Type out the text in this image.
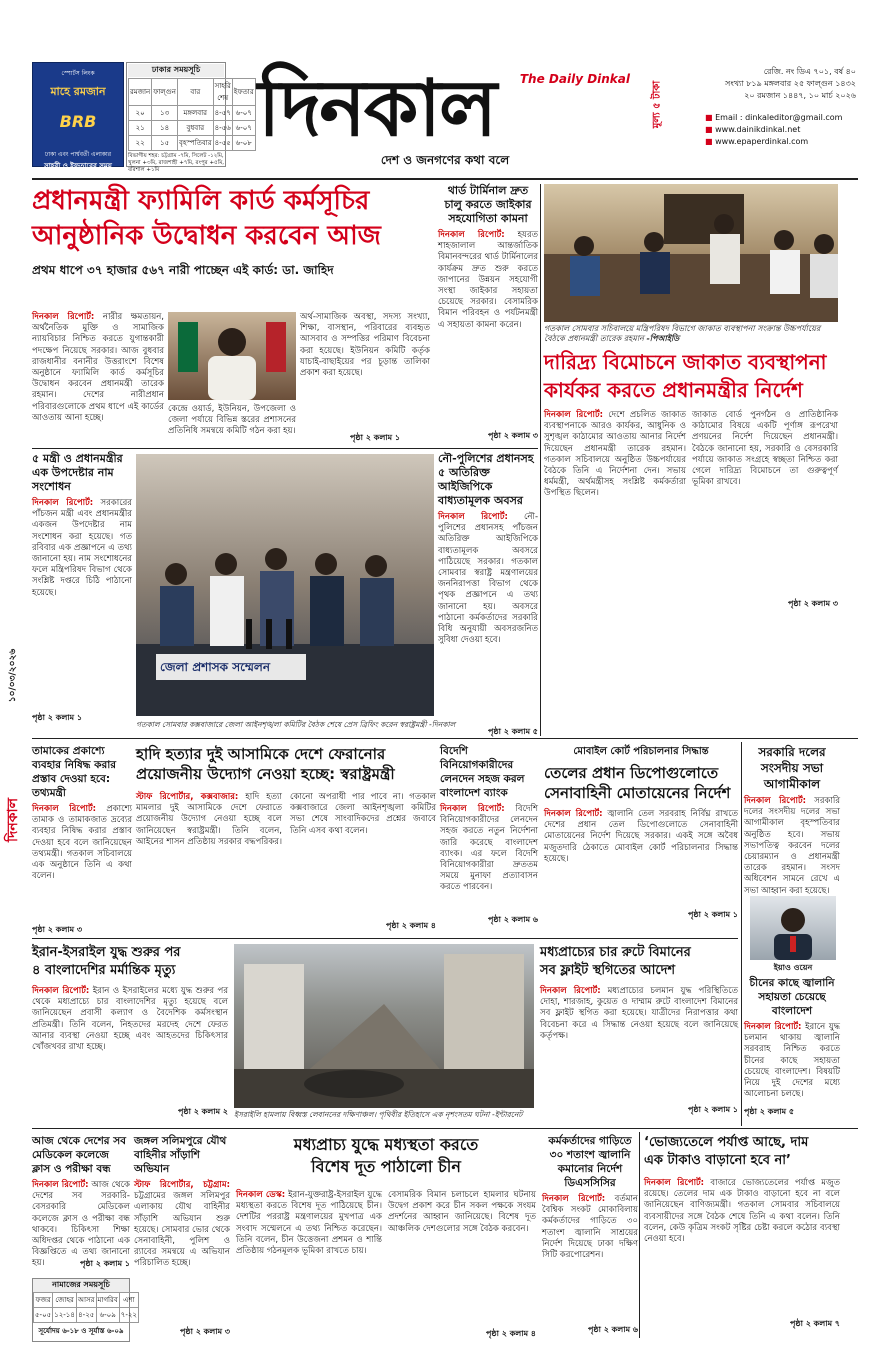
১০/০৩/২০২৬
দিনকাল
স্পোর্টস লিংক
মাহে রমজান
BRB
ঢাকা এবং পার্শ্ববর্তী এলাকার
সাহরী ও ইফতারের সময়
ঢাকার সময়সূচি
রমজান	ফাল্গুন	বার	সাহরি শেষ	ইফতার
২০	১৩	মঙ্গলবার	৪-৫৭	৬-০৭
২১	১৪	বুধবার	৪-৫৬	৬-০৭
২২	১৫	বৃহস্পতিবার	৪-৫৫	৬-০৮
বিভাগীয় শহর: চট্টগ্রাম -৭মি, সিলেট -১২মি, খুলনা +৩মি, রাজশাহী +৭মি, রংপুর +৫মি, বরিশাল +১মি
The Daily Dinkal
দিনকাল
দেশ ও জনগণের কথা বলে
মূল্য ৫ টাকা
রেজি. নং ডিএ ৭০১, বর্ষ ৪০
সংখ্যা ৮১৯ মঙ্গলবার ২৫ ফাল্গুন ১৪৩২
২০ রমজান ১৪৪৭, ১০ মার্চ ২০২৬
■ Email : dinkaleditor@gmail.com
■ www.dainikdinkal.net
■ www.epaperdinkal.com
প্রধানমন্ত্রী ফ্যামিলি কার্ড কর্মসূচির
আনুষ্ঠানিক উদ্বোধন করবেন আজ
প্রথম ধাপে ৩৭ হাজার ৫৬৭ নারী পাচ্ছেন এই কার্ড: ডা. জাহিদ
দিনকাল রিপোর্ট: নারীর ক্ষমতায়ন, অর্থনৈতিক মুক্তি ও সামাজিক ন্যায়বিচার নিশ্চিত করতে যুগান্তকারী পদক্ষেপ নিয়েছে সরকার। আজ বুধবার রাজধানীর বনানীর উত্তরাংশে বিশেষ অনুষ্ঠানে ফ্যামিলি কার্ড কর্মসূচির উদ্বোধন করবেন প্রধানমন্ত্রী তারেক রহমান। দেশের নারীপ্রধান পরিবারগুলোকে প্রথম ধাপে এই কার্ডের আওতায় আনা হচ্ছে।
কেন্দ্রে ওয়ার্ড, ইউনিয়ন, উপজেলা ও জেলা পর্যায়ে বিভিন্ন স্তরের প্রশাসনের প্রতিনিধি সমন্বয়ে কমিটি গঠন করা হয়।
অর্থ-সামাজিক অবস্থা, সদস্য সংখ্যা, শিক্ষা, বাসস্থান, পরিবারের ব্যবহৃত আসবাব ও সম্পত্তির পরিমাণ বিবেচনা করা হয়েছে। ইউনিয়ন কমিটি কর্তৃক যাচাই-বাছাইয়ের পর চূড়ান্ত তালিকা প্রকাশ করা হয়েছে।
পৃষ্ঠা ২ কলাম ১
থার্ড টার্মিনাল দ্রুত চালু করতে জাইকার সহযোগিতা কামনা
দিনকাল রিপোর্ট: হযরত শাহজালাল আন্তর্জাতিক বিমানবন্দরের থার্ড টার্মিনালের কার্যক্রম দ্রুত শুরু করতে জাপানের উন্নয়ন সহযোগী সংস্থা জাইকার সহায়তা চেয়েছে সরকার। বেসামরিক বিমান পরিবহন ও পর্যটনমন্ত্রী এ সহায়তা কামনা করেন।
পৃষ্ঠা ২ কলাম ৩
গতকাল সোমবার সচিবালয়ে মন্ত্রিপরিষদ বিভাগে জাকাত ব্যবস্থাপনা সংক্রান্ত উচ্চপর্যায়ের বৈঠকে প্রধানমন্ত্রী তারেক রহমান -পিআইডি
দারিদ্র্য বিমোচনে জাকাত ব্যবস্থাপনা
কার্যকর করতে প্রধানমন্ত্রীর নির্দেশ
দিনকাল রিপোর্ট: দেশে প্রচলিত জাকাত ব্যবস্থাপনাকে আরও কার্যকর, আধুনিক ও সুশৃঙ্খল কাঠামোর আওতায় আনার নির্দেশ দিয়েছেন প্রধানমন্ত্রী তারেক রহমান। গতকাল সচিবালয়ে অনুষ্ঠিত উচ্চপর্যায়ের বৈঠকে তিনি এ নির্দেশনা দেন। সভায় ধর্মমন্ত্রী, অর্থমন্ত্রীসহ সংশ্লিষ্ট কর্মকর্তারা উপস্থিত ছিলেন।
জাকাত বোর্ড পুনর্গঠন ও প্রাতিষ্ঠানিক কাঠামোর বিষয়ে একটি পূর্ণাঙ্গ রূপরেখা প্রণয়নের নির্দেশ দিয়েছেন প্রধানমন্ত্রী। বৈঠকে জানানো হয়, সরকারি ও বেসরকারি পর্যায়ে জাকাত সংগ্রহে স্বচ্ছতা নিশ্চিত করা গেলে দারিদ্র্য বিমোচনে তা গুরুত্বপূর্ণ ভূমিকা রাখবে।
পৃষ্ঠা ২ কলাম ৩
৫ মন্ত্রী ও প্রধানমন্ত্রীর এক উপদেষ্টার নাম সংশোধন
দিনকাল রিপোর্ট: সরকারের পাঁচজন মন্ত্রী এবং প্রধানমন্ত্রীর একজন উপদেষ্টার নাম সংশোধন করা হয়েছে। গত রবিবার এক প্রজ্ঞাপনে এ তথ্য জানানো হয়। নাম সংশোধনের ফলে মন্ত্রিপরিষদ বিভাগ থেকে সংশ্লিষ্ট দপ্তরে চিঠি পাঠানো হয়েছে।
পৃষ্ঠা ২ কলাম ১
জেলা প্রশাসক সম্মেলন
গতকাল সোমবার কক্সবাজারে জেলা আইনশৃঙ্খলা কমিটির বৈঠক শেষে প্রেস ব্রিফিং করেন স্বরাষ্ট্রমন্ত্রী -দিনকাল
নৌ-পুলিশের প্রধানসহ ৫ অতিরিক্ত আইজিপিকে বাধ্যতামূলক অবসর
দিনকাল রিপোর্ট: নৌ-পুলিশের প্রধানসহ পাঁচজন অতিরিক্ত আইজিপিকে বাধ্যতামূলক অবসরে পাঠিয়েছে সরকার। গতকাল সোমবার স্বরাষ্ট্র মন্ত্রণালয়ের জননিরাপত্তা বিভাগ থেকে পৃথক প্রজ্ঞাপনে এ তথ্য জানানো হয়। অবসরে পাঠানো কর্মকর্তাদের সরকারি বিধি অনুযায়ী অবসরজনিত সুবিধা দেওয়া হবে।
পৃষ্ঠা ২ কলাম ৫
তামাকের প্রকাশ্যে ব্যবহার নিষিদ্ধ করার প্রস্তাব দেওয়া হবে: তথ্যমন্ত্রী
দিনকাল রিপোর্ট: প্রকাশ্যে তামাক ও তামাকজাত দ্রব্যের ব্যবহার নিষিদ্ধ করার প্রস্তাব দেওয়া হবে বলে জানিয়েছেন তথ্যমন্ত্রী। গতকাল সচিবালয়ে এক অনুষ্ঠানে তিনি এ কথা বলেন।
পৃষ্ঠা ২ কলাম ৩
হাদি হত্যার দুই আসামিকে দেশে ফেরানোর
প্রয়োজনীয় উদ্যোগ নেওয়া হচ্ছে: স্বরাষ্ট্রমন্ত্রী
স্টাফ রিপোর্টার, কক্সবাজার: হাদি হত্যা মামলার দুই আসামিকে দেশে ফেরাতে প্রয়োজনীয় উদ্যোগ নেওয়া হচ্ছে বলে জানিয়েছেন স্বরাষ্ট্রমন্ত্রী। তিনি বলেন, আইনের শাসন প্রতিষ্ঠায় সরকার বদ্ধপরিকর। কোনো অপরাধী পার পাবে না। গতকাল কক্সবাজারে জেলা আইনশৃঙ্খলা কমিটির সভা শেষে সাংবাদিকদের প্রশ্নের জবাবে তিনি এসব কথা বলেন।
পৃষ্ঠা ২ কলাম ৪
বিদেশি বিনিয়োগকারীদের লেনদেন সহজ করল বাংলাদেশ ব্যাংক
দিনকাল রিপোর্ট: বিদেশি বিনিয়োগকারীদের লেনদেন সহজ করতে নতুন নির্দেশনা জারি করেছে বাংলাদেশ ব্যাংক। এর ফলে বিদেশি বিনিয়োগকারীরা দ্রুততম সময়ে মুনাফা প্রত্যাবাসন করতে পারবেন।
পৃষ্ঠা ২ কলাম ৬
মোবাইল কোর্ট পরিচালনার সিদ্ধান্ত
তেলের প্রধান ডিপোগুলোতে
সেনাবাহিনী মোতায়েনের নির্দেশ
দিনকাল রিপোর্ট: জ্বালানি তেল সরবরাহ নির্বিঘ্ন রাখতে দেশের প্রধান তেল ডিপোগুলোতে সেনাবাহিনী মোতায়েনের নির্দেশ দিয়েছে সরকার। একই সঙ্গে অবৈধ মজুতদারি ঠেকাতে মোবাইল কোর্ট পরিচালনার সিদ্ধান্ত হয়েছে।
পৃষ্ঠা ২ কলাম ১
সরকারি দলের সংসদীয় সভা আগামীকাল
দিনকাল রিপোর্ট: সরকারি দলের সংসদীয় দলের সভা আগামীকাল বৃহস্পতিবার অনুষ্ঠিত হবে। সভায় সভাপতিত্ব করবেন দলের চেয়ারম্যান ও প্রধানমন্ত্রী তারেক রহমান। সংসদ অধিবেশন সামনে রেখে এ সভা আহ্বান করা হয়েছে।
ইরান-ইসরাইল যুদ্ধ শুরুর পর
৪ বাংলাদেশির মর্মান্তিক মৃত্যু
দিনকাল রিপোর্ট: ইরান ও ইসরাইলের মধ্যে যুদ্ধ শুরুর পর থেকে মধ্যপ্রাচ্যে চার বাংলাদেশির মৃত্যু হয়েছে বলে জানিয়েছেন প্রবাসী কল্যাণ ও বৈদেশিক কর্মসংস্থান প্রতিমন্ত্রী। তিনি বলেন, নিহতদের মরদেহ দেশে ফেরত আনার ব্যবস্থা নেওয়া হচ্ছে এবং আহতদের চিকিৎসার খোঁজখবর রাখা হচ্ছে।
পৃষ্ঠা ২ কলাম ২ ইসরাইলি হামলায় বিধ্বস্ত লেবাননের দক্ষিণাঞ্চল। পৃথিবীর ইতিহাসে এক নৃশংসতম ঘটনা -ইন্টারনেট
মধ্যপ্রাচ্যের চার রুটে বিমানের
সব ফ্লাইট স্থগিতের আদেশ
দিনকাল রিপোর্ট: মধ্যপ্রাচ্যের চলমান যুদ্ধ পরিস্থিতিতে দোহা, শারজাহ, কুয়েত ও দাম্মাম রুটে বাংলাদেশ বিমানের সব ফ্লাইট স্থগিত করা হয়েছে। যাত্রীদের নিরাপত্তার কথা বিবেচনা করে এ সিদ্ধান্ত নেওয়া হয়েছে বলে জানিয়েছে কর্তৃপক্ষ।
পৃষ্ঠা ২ কলাম ১
ইয়াও ওয়েন
চীনের কাছে জ্বালানি সহায়তা চেয়েছে বাংলাদেশ
দিনকাল রিপোর্ট: ইরানে যুদ্ধ চলমান থাকায় জ্বালানি সরবরাহ নিশ্চিত করতে চীনের কাছে সহায়তা চেয়েছে বাংলাদেশ। বিষয়টি নিয়ে দুই দেশের মধ্যে আলোচনা চলছে।
পৃষ্ঠা ২ কলাম ৫
আজ থেকে দেশের সব মেডিকেল কলেজে ক্লাস ও পরীক্ষা বন্ধ
দিনকাল রিপোর্ট: আজ থেকে দেশের সব সরকারি-বেসরকারি মেডিকেল কলেজে ক্লাস ও পরীক্ষা বন্ধ থাকবে। চিকিৎসা শিক্ষা অধিদপ্তর থেকে পাঠানো এক বিজ্ঞপ্তিতে এ তথ্য জানানো হয়।	পৃষ্ঠা ২ কলাম ১
জঙ্গল সলিমপুরে যৌথ বাহিনীর সাঁড়াশি অভিযান
স্টাফ রিপোর্টার, চট্টগ্রাম: চট্টগ্রামের জঙ্গল সলিমপুর এলাকায় যৌথ বাহিনীর সাঁড়াশি অভিযান শুরু হয়েছে। সোমবার ভোর থেকে সেনাবাহিনী, পুলিশ ও র‍্যাবের সমন্বয়ে এ অভিযান পরিচালিত হচ্ছে।
পৃষ্ঠা ২ কলাম ৩
নামাজের সময়সূচি
ফজর	জোহর	আসর	মাগরিব	এশা
৫-০৫	১২-১৪	৪-২৫	৬-০৯	৭-২২
সূর্যোদয় ৬-১৮ ও সূর্যাস্ত ৬-০৯
মধ্যপ্রাচ্য যুদ্ধে মধ্যস্থতা করতে
বিশেষ দূত পাঠালো চীন
দিনকাল ডেস্ক: ইরান-যুক্তরাষ্ট্র-ইসরাইল যুদ্ধে মধ্যস্থতা করতে বিশেষ দূত পাঠিয়েছে চীন। দেশটির পররাষ্ট্র মন্ত্রণালয়ের মুখপাত্র এক সংবাদ সম্মেলনে এ তথ্য নিশ্চিত করেছেন। তিনি বলেন, চীন উত্তেজনা প্রশমন ও শান্তি প্রতিষ্ঠায় গঠনমূলক ভূমিকা রাখতে চায়।
বেসামরিক বিমান চলাচলে হামলার ঘটনায় উদ্বেগ প্রকাশ করে চীন সকল পক্ষকে সংযম প্রদর্শনের আহ্বান জানিয়েছে। বিশেষ দূত আঞ্চলিক দেশগুলোর সঙ্গে বৈঠক করবেন।
পৃষ্ঠা ২ কলাম ৪
কর্মকর্তাদের গাড়িতে ৩০ শতাংশ জ্বালানি কমানোর নির্দেশ ডিএসসিসির
দিনকাল রিপোর্ট: বর্তমান বৈশ্বিক সংকট মোকাবিলায় কর্মকর্তাদের গাড়িতে ৩০ শতাংশ জ্বালানি সাশ্রয়ের নির্দেশ দিয়েছে ঢাকা দক্ষিণ সিটি করপোরেশন।
পৃষ্ঠা ২ কলাম ৬
‘ভোজ্যতেলে পর্যাপ্ত আছে, দাম
এক টাকাও বাড়ানো হবে না’
দিনকাল রিপোর্ট: বাজারে ভোজ্যতেলের পর্যাপ্ত মজুত রয়েছে। তেলের দাম এক টাকাও বাড়ানো হবে না বলে জানিয়েছেন বাণিজ্যমন্ত্রী। গতকাল সোমবার সচিবালয়ে ব্যবসায়ীদের সঙ্গে বৈঠক শেষে তিনি এ কথা বলেন। তিনি বলেন, কেউ কৃত্রিম সংকট সৃষ্টির চেষ্টা করলে কঠোর ব্যবস্থা নেওয়া হবে।
পৃষ্ঠা ২ কলাম ৭
